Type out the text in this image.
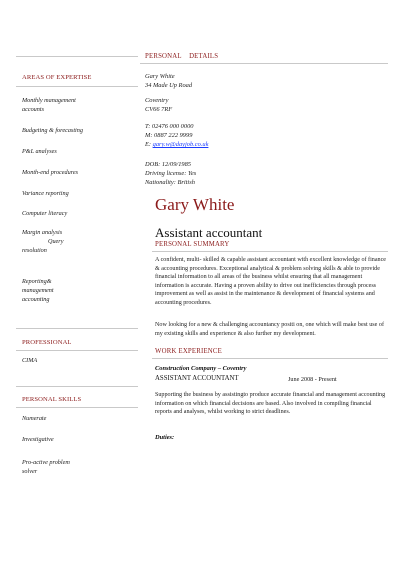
AREAS OF EXPERTISE
Monthly management
accounts
Budgeting & forecasting
P&L analyses
Month-end procedures
Variance reporting
Computer literacy
Margin analysis
Query
resolution
Reporting&
management
accounting
PROFESSIONAL
CIMA
PERSONAL SKILLS
Numerate
Investigative
Pro-active problem
solver
PERSONAL    DETAILS
Gary White
34 Made Up Road
Coventry
CV66 7RF
T: 02476 000 0000
M: 0887 222 9999
E: gary.w@dayjob.co.uk
DOB: 12/09/1985
Driving license: Yes
Nationality: British
Gary White
Assistant accountant
PERSONAL SUMMARY
A confident, multi- skilled & capable assistant accountant with excellent knowledge of finance & accounting procedures. Exceptional analytical & problem solving skills & able to provide financial information to all areas of the business whilst ensuring that all management information is accurate. Having a proven ability to drive out inefficiencies through process improvement as well as assist in the maintenance & development of financial systems and accounting procedures.
Now looking for a new & challenging accountancy positi on, one which will make best use of my existing skills and experience & also further my development.
WORK EXPERIENCE
Construction Company – Coventry
ASSISTANT ACCOUNTANT	June 2008 - Present
Supporting the business by assistingto produce accurate financial and management accounting information on which financial decisions are based. Also involved in compiling financial reports and analyses, whilst working to strict deadlines.
Duties:
